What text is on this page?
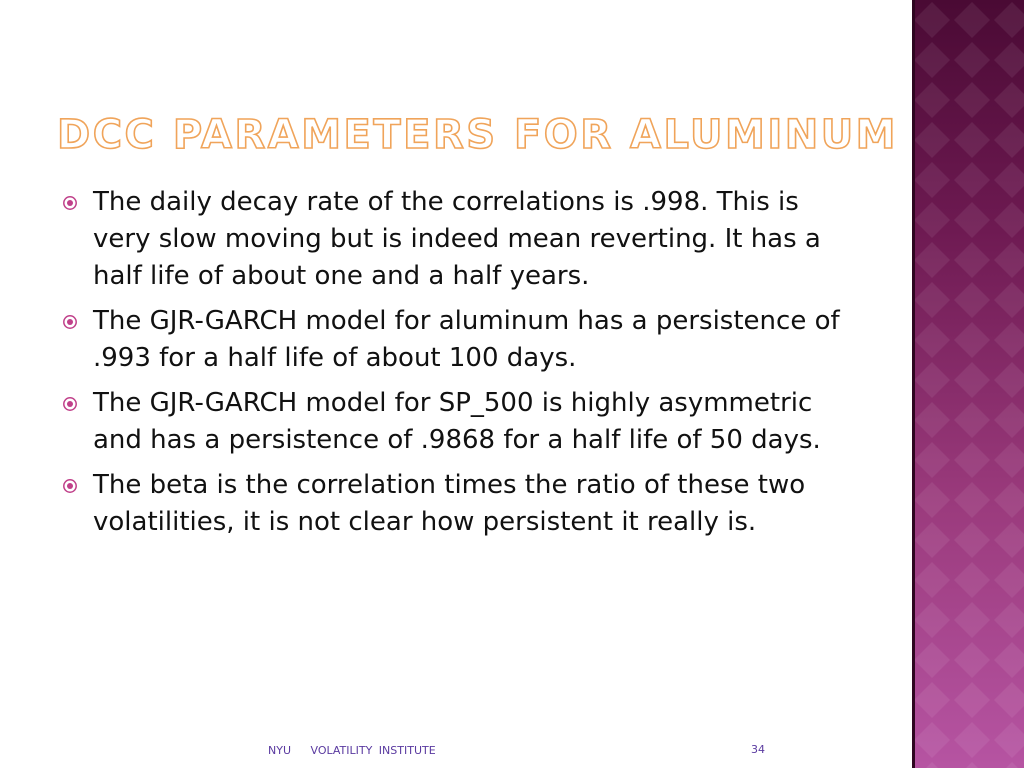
DCC PARAMETERS FOR ALUMINUM
The daily decay rate of the correlations is .998. This is very slow moving but is indeed mean reverting. It has a half life of about one and a half years.
The GJR-GARCH model for aluminum has a persistence of .993 for a half life of about 100 days.
The GJR-GARCH model for SP_500 is highly asymmetric and has a persistence of .9868 for a half life of 50 days.
The beta is the correlation times the ratio of these two volatilities, it is not clear how persistent it really is.
NYU   VOLATILITY INSTITUTE	34
